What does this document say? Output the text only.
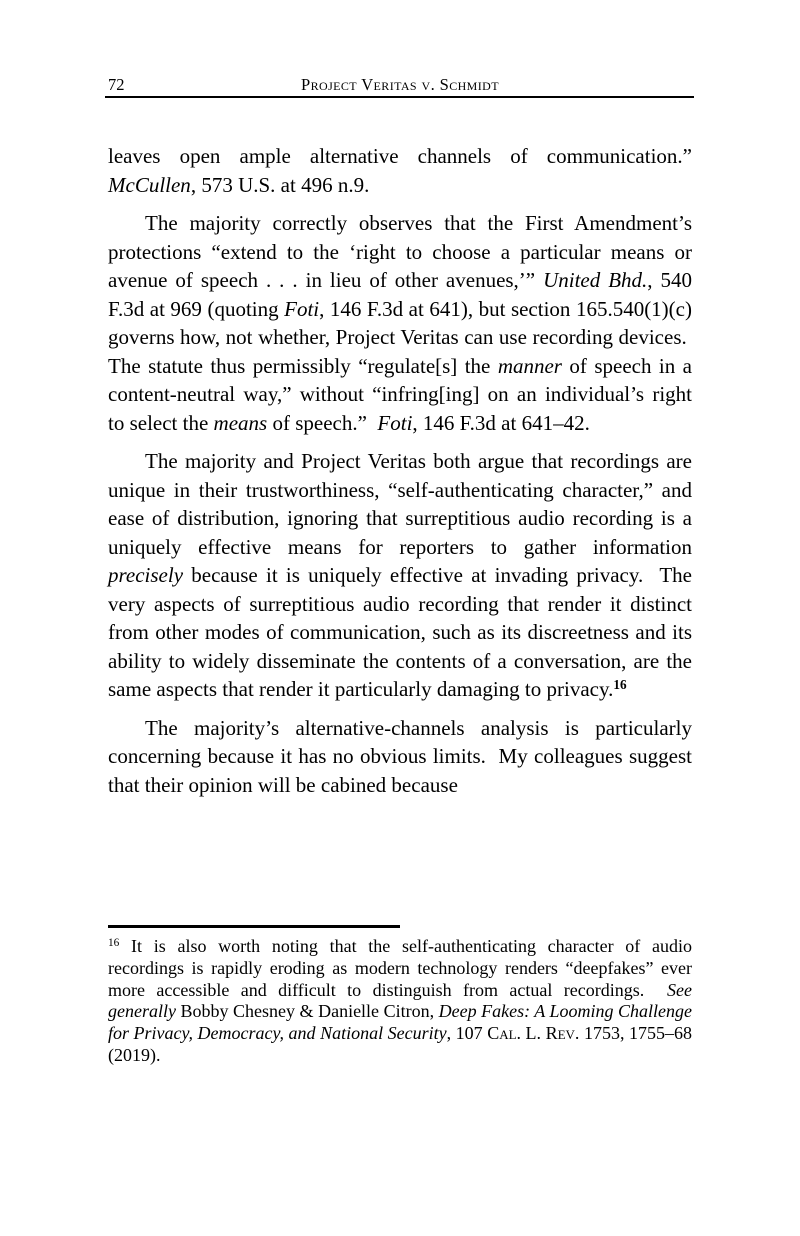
72	Project Veritas v. Schmidt

leaves open ample alternative channels of communication.” McCullen, 573 U.S. at 496 n.9.

The majority correctly observes that the First Amendment’s protections “extend to the ‘right to choose a particular means or avenue of speech . . . in lieu of other avenues,’” United Bhd., 540 F.3d at 969 (quoting Foti, 146 F.3d at 641), but section 165.540(1)(c) governs how, not whether, Project Veritas can use recording devices.  The statute thus permissibly “regulate[s] the manner of speech in a content-neutral way,” without “infring[ing] on an individual’s right to select the means of speech.”  Foti, 146 F.3d at 641–42.

The majority and Project Veritas both argue that recordings are unique in their trustworthiness, “self-authenticating character,” and ease of distribution, ignoring that surreptitious audio recording is a uniquely effective means for reporters to gather information precisely because it is uniquely effective at invading privacy.  The very aspects of surreptitious audio recording that render it distinct from other modes of communication, such as its discreetness and its ability to widely disseminate the contents of a conversation, are the same aspects that render it particularly damaging to privacy.$^{16}$

The majority’s alternative-channels analysis is particularly concerning because it has no obvious limits.  My colleagues suggest that their opinion will be cabined because

$^{16}$ It is also worth noting that the self-authenticating character of audio recordings is rapidly eroding as modern technology renders “deepfakes” ever more accessible and difficult to distinguish from actual recordings.  See generally Bobby Chesney & Danielle Citron, Deep Fakes: A Looming Challenge for Privacy, Democracy, and National Security, 107 Cal. L. Rev. 1753, 1755–68 (2019).
